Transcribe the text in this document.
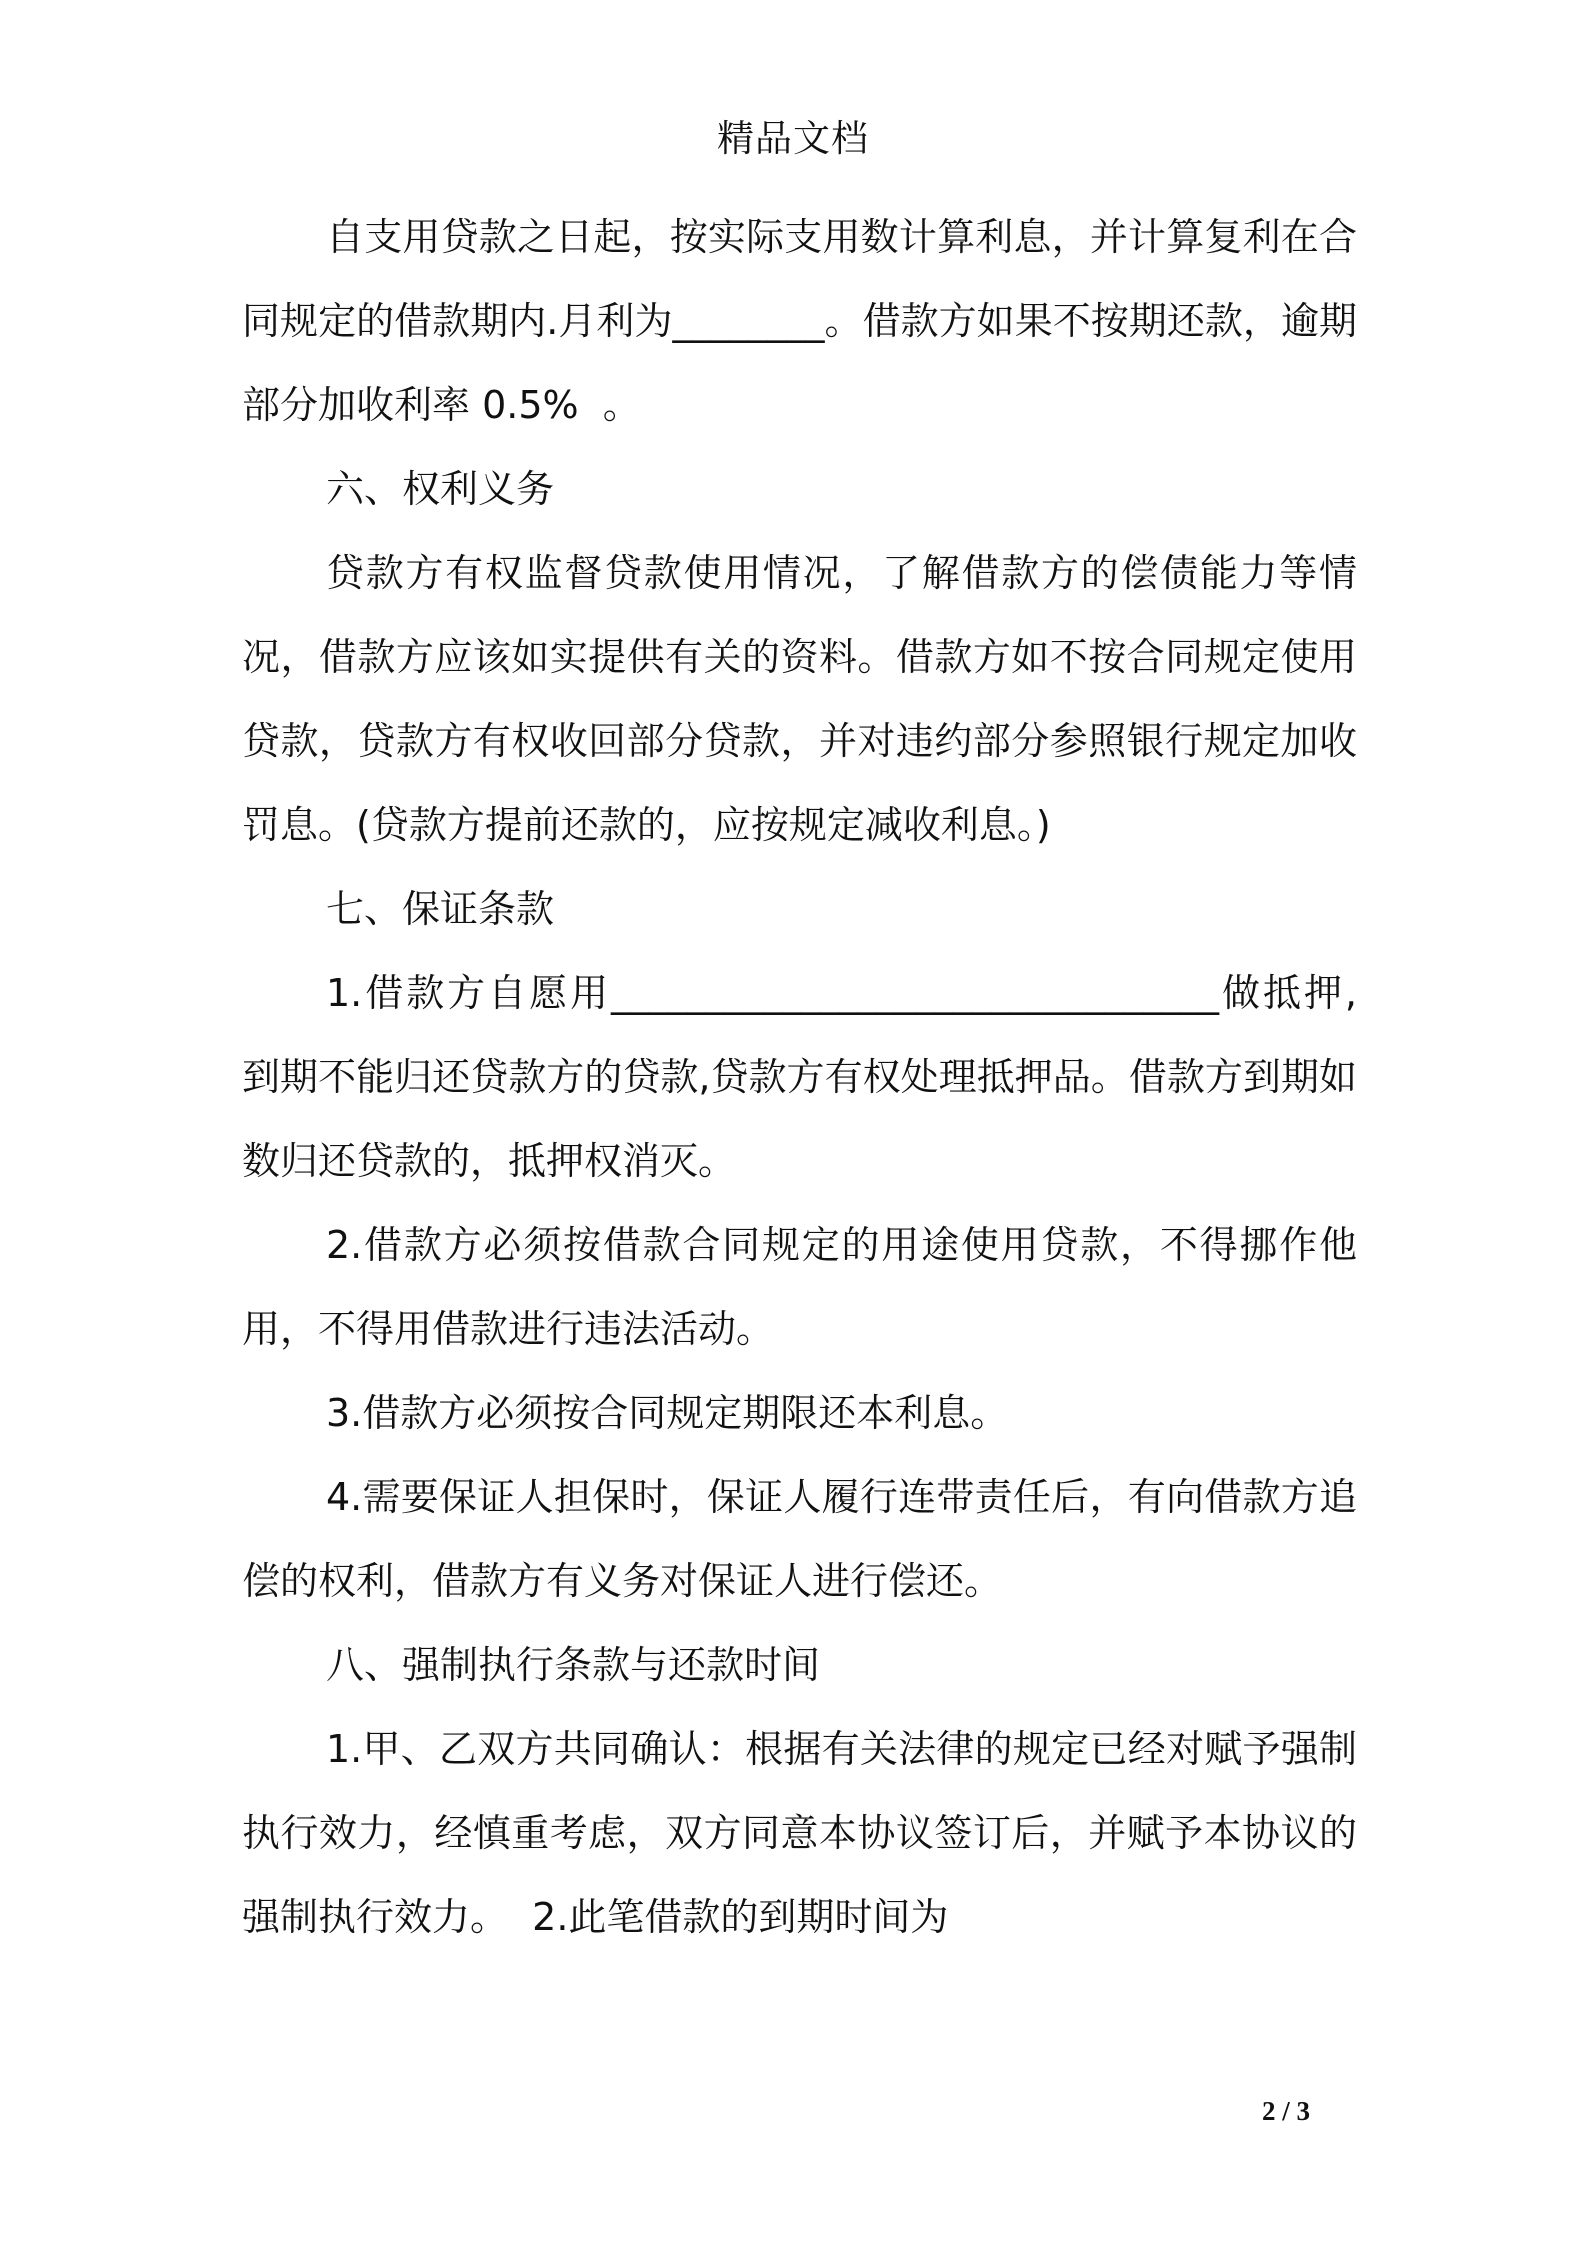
精品文档

自支用贷款之日起，按实际支用数计算利息，并计算复利在合同规定的借款期内.月利为________。借款方如果不按期还款，逾期部分加收利率 0.5%  。

六、权利义务

贷款方有权监督贷款使用情况，了解借款方的偿债能力等情况，借款方应该如实提供有关的资料。借款方如不按合同规定使用贷款，贷款方有权收回部分贷款，并对违约部分参照银行规定加收罚息。(贷款方提前还款的，应按规定减收利息。)

七、保证条款

1.借款方自愿用________________________________做抵押,到期不能归还贷款方的贷款,贷款方有权处理抵押品。借款方到期如数归还贷款的，抵押权消灭。

2.借款方必须按借款合同规定的用途使用贷款，不得挪作他用，不得用借款进行违法活动。

3.借款方必须按合同规定期限还本利息。

4.需要保证人担保时，保证人履行连带责任后，有向借款方追偿的权利，借款方有义务对保证人进行偿还。

八、强制执行条款与还款时间

1.甲、乙双方共同确认：根据有关法律的规定已经对赋予强制执行效力，经慎重考虑，双方同意本协议签订后，并赋予本协议的强制执行效力。  2.此笔借款的到期时间为

2 / 3
